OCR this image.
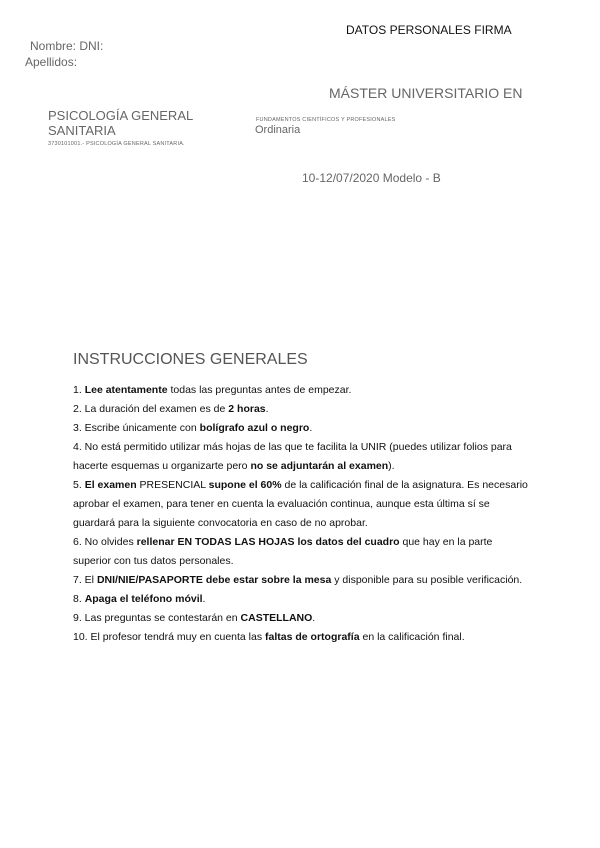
DATOS PERSONALES FIRMA
Nombre: DNI:
Apellidos:
MÁSTER UNIVERSITARIO EN
PSICOLOGÍA GENERAL SANITARIA
3730101001.- PSICOLOGÍA GENERAL SANITARIA.
FUNDAMENTOS CIENTÍFICOS Y PROFESIONALES
Ordinaria
10-12/07/2020 Modelo - B
INSTRUCCIONES GENERALES

1. Lee atentamente todas las preguntas antes de empezar.

2. La duración del examen es de 2 horas.

3. Escribe únicamente con bolígrafo azul o negro.

4. No está permitido utilizar más hojas de las que te facilita la UNIR (puedes utilizar folios para hacerte esquemas u organizarte pero no se adjuntarán al examen).

5. El examen PRESENCIAL supone el 60% de la calificación final de la asignatura. Es necesario aprobar el examen, para tener en cuenta la evaluación continua, aunque esta última sí se guardará para la siguiente convocatoria en caso de no aprobar.

6. No olvides rellenar EN TODAS LAS HOJAS los datos del cuadro que hay en la parte superior con tus datos personales.

7. El DNI/NIE/PASAPORTE debe estar sobre la mesa y disponible para su posible verificación. 8. Apaga el teléfono móvil.

9. Las preguntas se contestarán en CASTELLANO.

10. El profesor tendrá muy en cuenta las faltas de ortografía en la calificación final.
